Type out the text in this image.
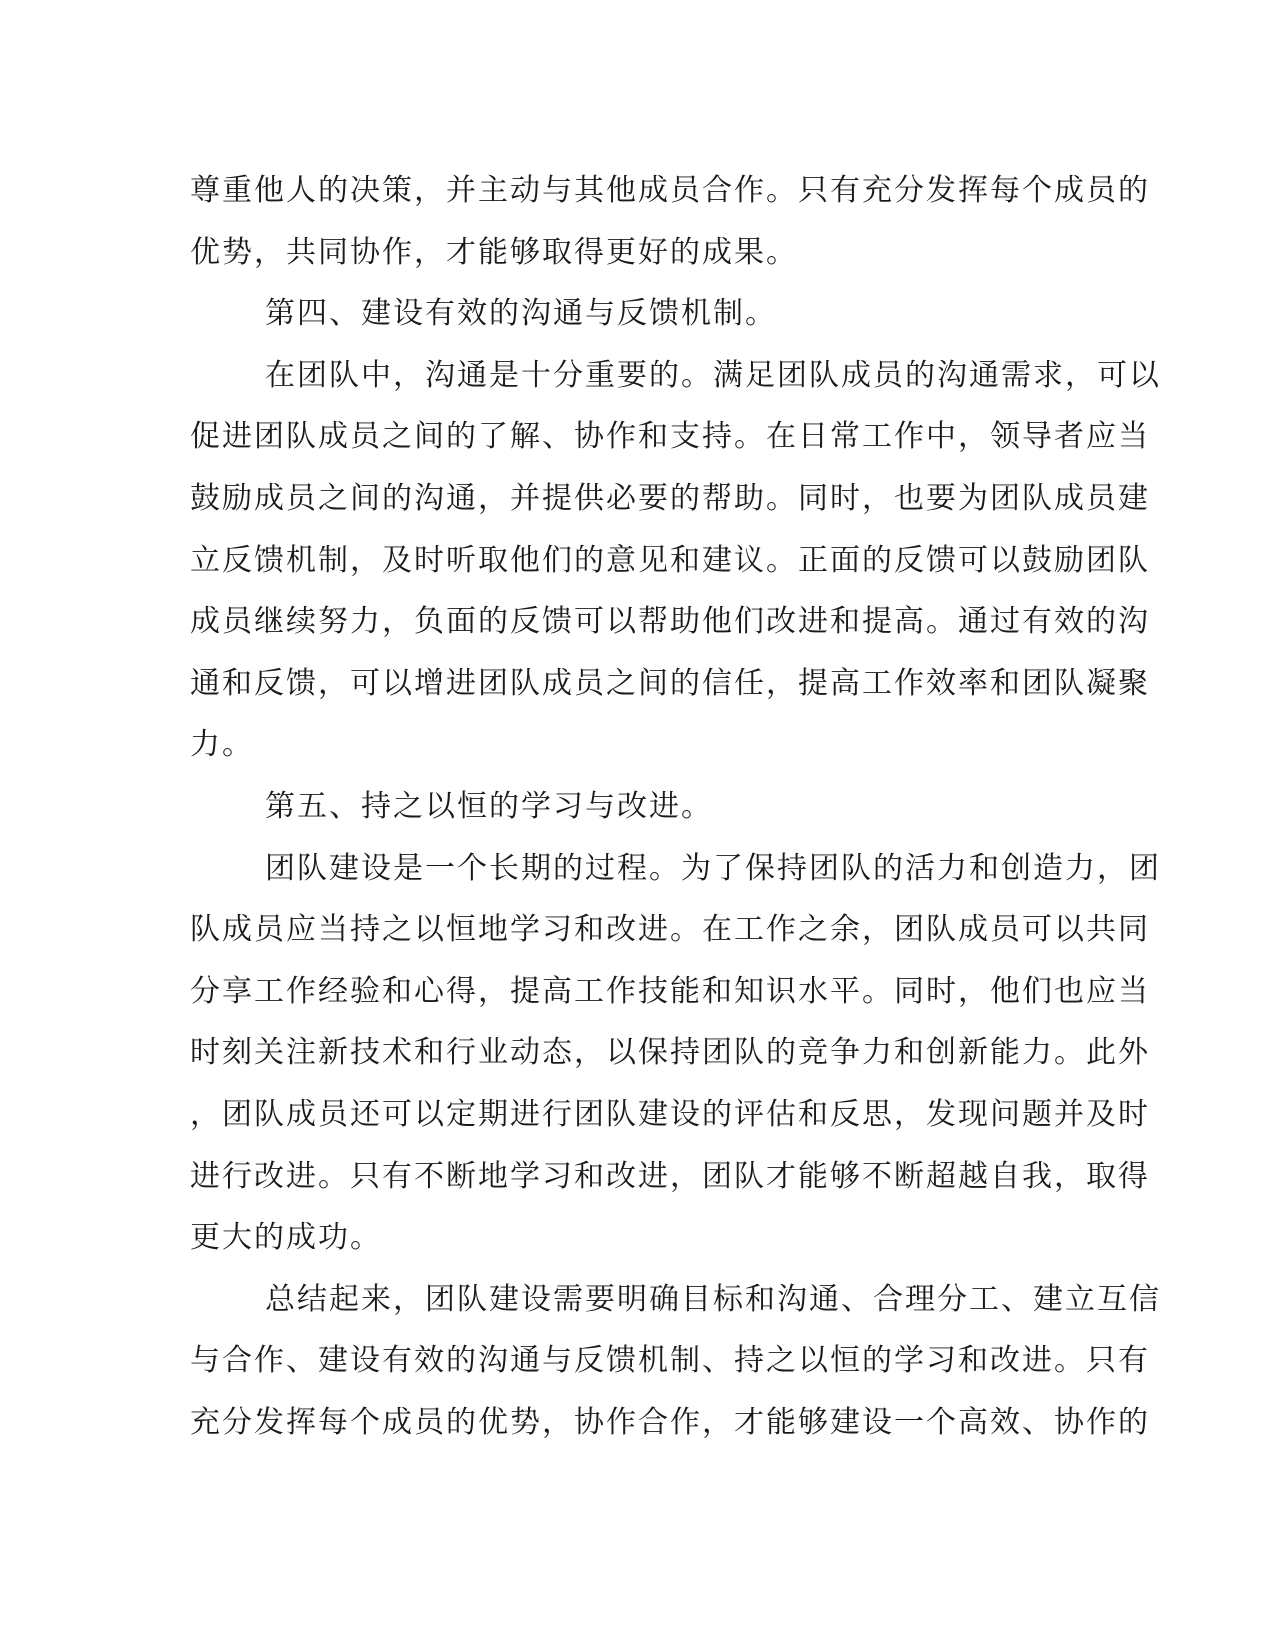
尊重他人的决策，并主动与其他成员合作。只有充分发挥每个成员的
优势，共同协作，才能够取得更好的成果。
第四、建设有效的沟通与反馈机制。
在团队中，沟通是十分重要的。满足团队成员的沟通需求，可以
促进团队成员之间的了解、协作和支持。在日常工作中，领导者应当
鼓励成员之间的沟通，并提供必要的帮助。同时，也要为团队成员建
立反馈机制，及时听取他们的意见和建议。正面的反馈可以鼓励团队
成员继续努力，负面的反馈可以帮助他们改进和提高。通过有效的沟
通和反馈，可以增进团队成员之间的信任，提高工作效率和团队凝聚
力。
第五、持之以恒的学习与改进。
团队建设是一个长期的过程。为了保持团队的活力和创造力，团
队成员应当持之以恒地学习和改进。在工作之余，团队成员可以共同
分享工作经验和心得，提高工作技能和知识水平。同时，他们也应当
时刻关注新技术和行业动态，以保持团队的竞争力和创新能力。此外
，团队成员还可以定期进行团队建设的评估和反思，发现问题并及时
进行改进。只有不断地学习和改进，团队才能够不断超越自我，取得
更大的成功。
总结起来，团队建设需要明确目标和沟通、合理分工、建立互信
与合作、建设有效的沟通与反馈机制、持之以恒的学习和改进。只有
充分发挥每个成员的优势，协作合作，才能够建设一个高效、协作的
